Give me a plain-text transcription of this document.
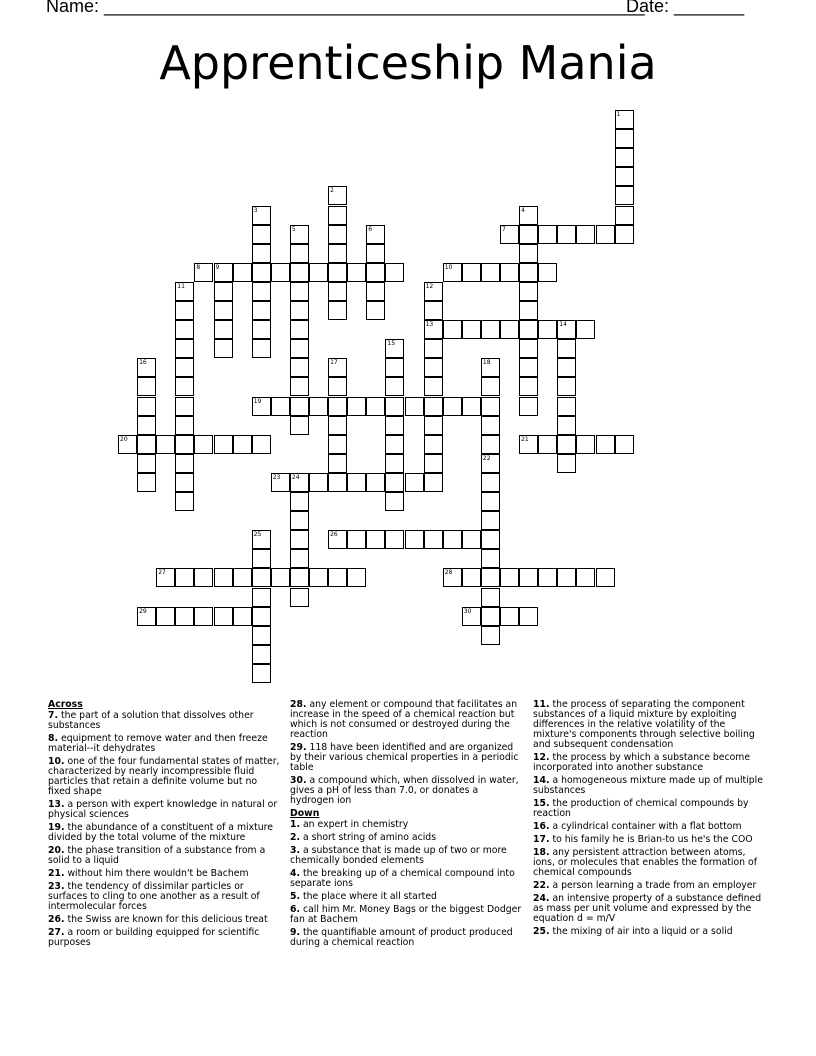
Name: ______________________________________________________
Date: _______
Apprenticeship Mania
1
2
3	4
5	6	7
8	9	10
11	12
13	14
15
16	17	18
19
20	21
22
23 24
25	26
27	28
29	30
Across
7. the part of a solution that dissolves other substances
8. equipment to remove water and then freeze material--it dehydrates
10. one of the four fundamental states of matter, characterized by nearly incompressible fluid particles that retain a definite volume but no fixed shape
13. a person with expert knowledge in natural or physical sciences
19. the abundance of a constituent of a mixture divided by the total volume of the mixture
20. the phase transition of a substance from a solid to a liquid
21. without him there wouldn't be Bachem
23. the tendency of dissimilar particles or surfaces to cling to one another as a result of intermolecular forces
26. the Swiss are known for this delicious treat
27. a room or building equipped for scientific purposes
28. any element or compound that facilitates an increase in the speed of a chemical reaction but which is not consumed or destroyed during the reaction
29. 118 have been identified and are organized by their various chemical properties in a periodic table
30. a compound which, when dissolved in water, gives a pH of less than 7.0, or donates a hydrogen ion
Down
1. an expert in chemistry
2. a short string of amino acids
3. a substance that is made up of two or more chemically bonded elements
4. the breaking up of a chemical compound into separate ions
5. the place where it all started
6. call him Mr. Money Bags or the biggest Dodger fan at Bachem
9. the quantifiable amount of product produced during a chemical reaction
11. the process of separating the component substances of a liquid mixture by exploiting differences in the relative volatility of the mixture's components through selective boiling and subsequent condensation
12. the process by which a substance become incorporated into another substance
14. a homogeneous mixture made up of multiple substances
15. the production of chemical compounds by reaction
16. a cylindrical container with a flat bottom
17. to his family he is Brian-to us he's the COO
18. any persistent attraction between atoms, ions, or molecules that enables the formation of chemical compounds
22. a person learning a trade from an employer
24. an intensive property of a substance defined as mass per unit volume and expressed by the equation d = m/V
25. the mixing of air into a liquid or a solid
